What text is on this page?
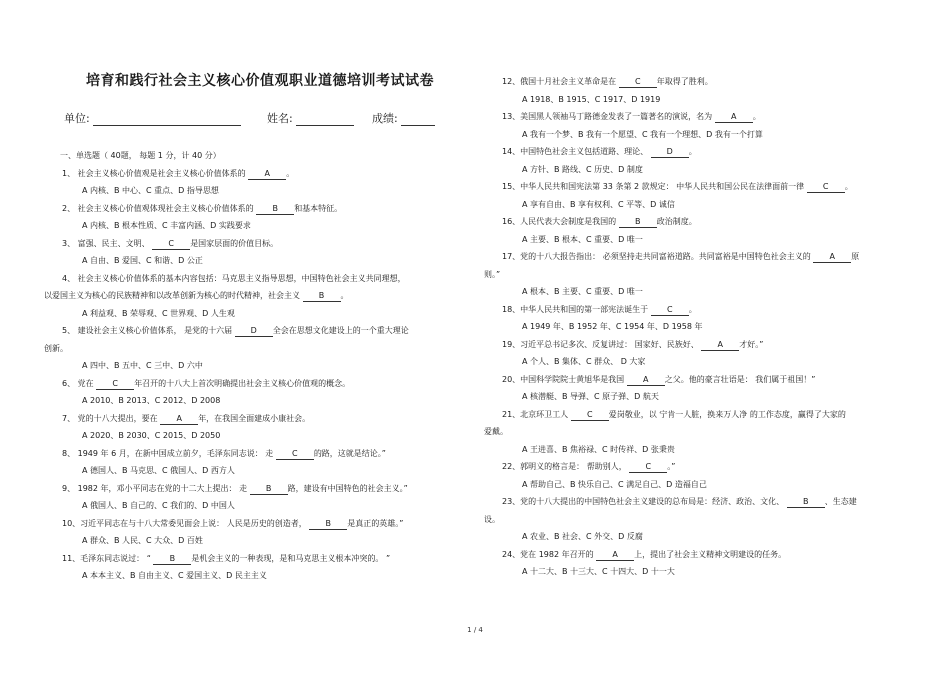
培育和践行社会主义核心价值观职业道德培训考试试卷
单位:	姓名:	成绩:
一、单选题（ 40题， 每题 1 分，计 40 分）
1、 社会主义核心价值观是社会主义核心价值体系的 A 。
A 内核、B 中心、C 重点、D 指导思想
2、 社会主义核心价值观体现社会主义核心价值体系的 B 和基本特征。
A 内核、B 根本性质、C 丰富内涵、D 实践要求
3、 富强、民主、文明、 C 是国家层面的价值目标。
A 自由、B 爱国、C 和谐、D 公正
4、 社会主义核心价值体系的基本内容包括：马克思主义指导思想，中国特色社会主义共同理想，
以爱国主义为核心的民族精神和以改革创新为核心的时代精神，社会主义 B 。
A 利益观、B 荣辱观、C 世界观、D 人生观
5、 建设社会主义核心价值体系， 是党的十六届 D 全会在思想文化建设上的一个重大理论
创新。
A 四中、B 五中、C 三中、D 六中
6、 党在 C 年召开的十八大上首次明确提出社会主义核心价值观的概念。
A 2010、B 2013、C 2012、D 2008
7、 党的十八大提出，要在 A 年，在我国全面建成小康社会。
A 2020、B 2030、C 2015、D 2050
8、 1949 年 6 月，在新中国成立前夕，毛泽东同志说： 走 C 的路，这就是结论。”
A 德国人、B 马克思、C 俄国人、D 西方人
9、 1982 年，邓小平同志在党的十二大上提出： 走 B 路，建设有中国特色的社会主义。”
A 俄国人、B 自己的、C 我们的、D 中国人
10、习近平同志在与十八大常委见面会上说： 人民是历史的创造者， B 是真正的英雄。”
A 群众、B 人民、C 大众、D 百姓
11、毛泽东同志说过： “ B 是机会主义的一种表现，是和马克思主义根本冲突的。 ”
A 本本主义、B 自由主义、C 爱国主义、D 民主主义
12、俄国十月社会主义革命是在 C 年取得了胜利。
A 1918、B 1915、C 1917、D 1919
13、美国黑人领袖马丁路德金发表了一篇著名的演说，名为 A 。
A 我有一个梦、B 我有一个愿望、C 我有一个理想、D 我有一个打算
14、中国特色社会主义包括道路、理论、 D 。
A 方针、B 路线、C 历史、D 制度
15、中华人民共和国宪法第 33 条第 2 款规定： 中华人民共和国公民在法律面前一律 C 。
A 享有自由、B 享有权利、C 平等、D 诚信
16、人民代表大会制度是我国的 B 政治制度。
A 主要、B 根本、C 重要、D 唯一
17、党的十八大报告指出： 必须坚持走共同富裕道路。共同富裕是中国特色社会主义的 A 原
则。”
A 根本、B 主要、C 重要、D 唯一
18、中华人民共和国的第一部宪法诞生于 C 。
A 1949 年、B 1952 年、C 1954 年、D 1958 年
19、习近平总书记多次、反复讲过： 国家好、民族好、 A 才好。”
A 个人、B 集体、C 群众、 D 大家
20、中国科学院院士黄旭华是我国 A 之父。他的豪言壮语是： 我们属于祖国！”
A 核潜艇、B 导弹、C 原子弹、D 航天
21、北京环卫工人 C 爱岗敬业，以 宁肯一人脏，换来万人净 的工作态度，赢得了大家的
爱戴。
A 王进喜、B 焦裕禄、C 时传祥、D 张秉贵
22、郭明义的格言是： 帮助别人， C 。”
A 帮助自己、B 快乐自己、C 满足自己、D 造福自己
23、党的十八大提出的中国特色社会主义建设的总布局是：经济、政治、文化、 B 、生态建
设。
A 农业、B 社会、C 外交、D 反腐
24、党在 1982 年召开的 A 上，提出了社会主义精神文明建设的任务。
A 十二大、B 十三大、C 十四大、D 十一大
1 / 4
